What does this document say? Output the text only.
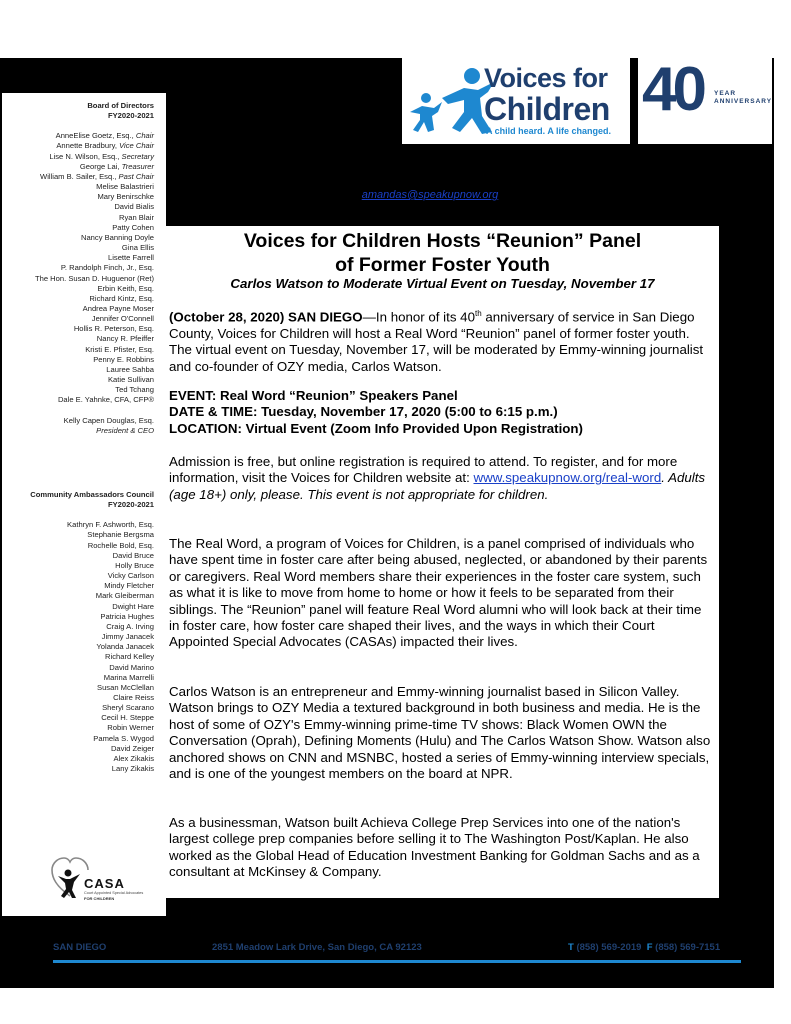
Voices for
Children
A child heard. A life changed.
40 YEAR
ANNIVERSARY
amandas@speakupnow.org
Board of Directors
FY2020-2021
AnneElise Goetz, Esq., Chair
Annette Bradbury, Vice Chair
Lise N. Wilson, Esq., Secretary
George Lai, Treasurer
William B. Sailer, Esq., Past Chair
Melise Balastrieri
Mary Benirschke
David Bialis
Ryan Blair
Patty Cohen
Nancy Banning Doyle
Gina Ellis
Lisette Farrell
P. Randolph Finch, Jr., Esq.
The Hon. Susan D. Huguenor (Ret)
Erbin Keith, Esq.
Richard Kintz, Esq.
Andrea Payne Moser
Jennifer O'Connell
Hollis R. Peterson, Esq.
Nancy R. Pfeiffer
Kristi E. Pfister, Esq.
Penny E. Robbins
Lauree Sahba
Katie Sullivan
Ted Tchang
Dale E. Yahnke, CFA, CFP®
Kelly Capen Douglas, Esq.
President & CEO
Community Ambassadors Council
FY2020-2021
Kathryn F. Ashworth, Esq.
Stephanie Bergsma
Rochelle Bold, Esq.
David Bruce
Holly Bruce
Vicky Carlson
Mindy Fletcher
Mark Gleiberman
Dwight Hare
Patricia Hughes
Craig A. Irving
Jimmy Janacek
Yolanda Janacek
Richard Kelley
David Marino
Marina Marrelli
Susan McClellan
Claire Reiss
Sheryl Scarano
Cecil H. Steppe
Robin Werner
Pamela S. Wygod
David Zeiger
Alex Zikakis
Lany Zikakis
CASA
Court Appointed Special Advocates
FOR CHILDREN
Voices for Children Hosts “Reunion” Panel
of Former Foster Youth
Carlos Watson to Moderate Virtual Event on Tuesday, November 17

(October 28, 2020) SAN DIEGO—In honor of its 40th anniversary of service in San Diego County, Voices for Children will host a Real Word “Reunion” panel of former foster youth. The virtual event on Tuesday, November 17, will be moderated by Emmy-winning journalist and co-founder of OZY media, Carlos Watson.

EVENT: Real Word “Reunion” Speakers Panel

DATE & TIME: Tuesday, November 17, 2020 (5:00 to 6:15 p.m.)

LOCATION: Virtual Event (Zoom Info Provided Upon Registration)

Admission is free, but online registration is required to attend. To register, and for more information, visit the Voices for Children website at: www.speakupnow.org/real-word. Adults (age 18+) only, please. This event is not appropriate for children.

The Real Word, a program of Voices for Children, is a panel comprised of individuals who have spent time in foster care after being abused, neglected, or abandoned by their parents or caregivers. Real Word members share their experiences in the foster care system, such as what it is like to move from home to home or how it feels to be separated from their siblings. The “Reunion” panel will feature Real Word alumni who will look back at their time in foster care, how foster care shaped their lives, and the ways in which their Court Appointed Special Advocates (CASAs) impacted their lives.
Carlos Watson is an entrepreneur and Emmy-winning journalist based in Silicon Valley. Watson brings to OZY Media a textured background in both business and media. He is the host of some of OZY's Emmy-winning prime-time TV shows: Black Women OWN the Conversation (Oprah), Defining Moments (Hulu) and The Carlos Watson Show. Watson also anchored shows on CNN and MSNBC, hosted a series of Emmy-winning interview specials, and is one of the youngest members on the board at NPR.
As a businessman, Watson built Achieva College Prep Services into one of the nation's largest college prep companies before selling it to The Washington Post/Kaplan. He also worked as the Global Head of Education Investment Banking for Goldman Sachs and as a consultant at McKinsey & Company.
SAN DIEGO	2851 Meadow Lark Drive, San Diego, CA 92123	T (858) 569-2019 F (858) 569-7151
